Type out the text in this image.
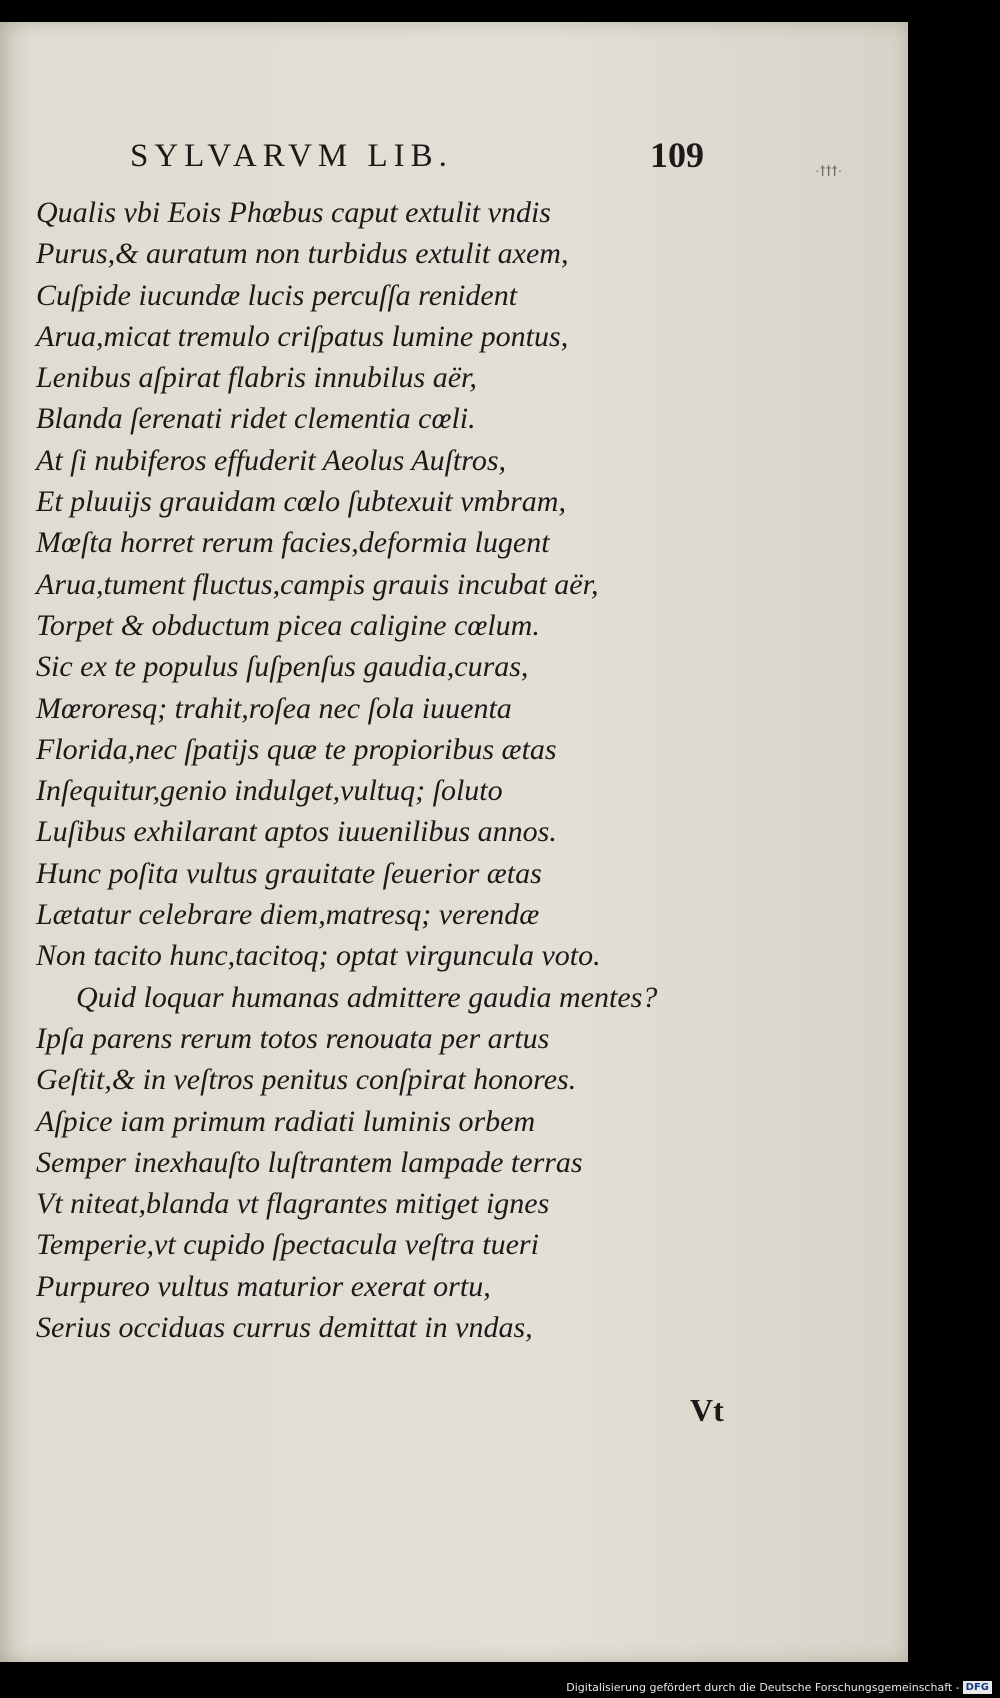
SYLVARVM LIB.	109	·ꝉꝉꝉ·
Qualis vbi Eois Phœbus caput extulit vndis
Purus,& auratum non turbidus extulit axem,
Cuſpide iucundæ lucis percuſſa renident
Arua,micat tremulo criſpatus lumine pontus,
Lenibus aſpirat flabris innubilus aër,
Blanda ſerenati ridet clementia cœli.
At ſi nubiferos effuderit Aeolus Auſtros,
Et pluuijs grauidam cœlo ſubtexuit vmbram,
Mœſta horret rerum facies,deformia lugent
Arua,tument fluctus,campis grauis incubat aër,
Torpet & obductum picea caligine cœlum.
Sic ex te populus ſuſpenſus gaudia,curas,
Mœroresq; trahit,roſea nec ſola iuuenta
Florida,nec ſpatijs quæ te propioribus ætas
Inſequitur,genio indulget,vultuq; ſoluto
Luſibus exhilarant aptos iuuenilibus annos.
Hunc poſita vultus grauitate ſeuerior ætas
Lætatur celebrare diem,matresq; verendæ
Non tacito hunc,tacitoq; optat virguncula voto.
Quid loquar humanas admittere gaudia mentes?
Ipſa parens rerum totos renouata per artus
Geſtit,& in veſtros penitus conſpirat honores.
Aſpice iam primum radiati luminis orbem
Semper inexhauſto luſtrantem lampade terras
Vt niteat,blanda vt flagrantes mitiget ignes
Temperie,vt cupido ſpectacula veſtra tueri
Purpureo vultus maturior exerat ortu,
Serius occiduas currus demittat in vndas,
Vt
Digitalisierung gefördert durch die Deutsche Forschungsgemeinschaft - DFG
